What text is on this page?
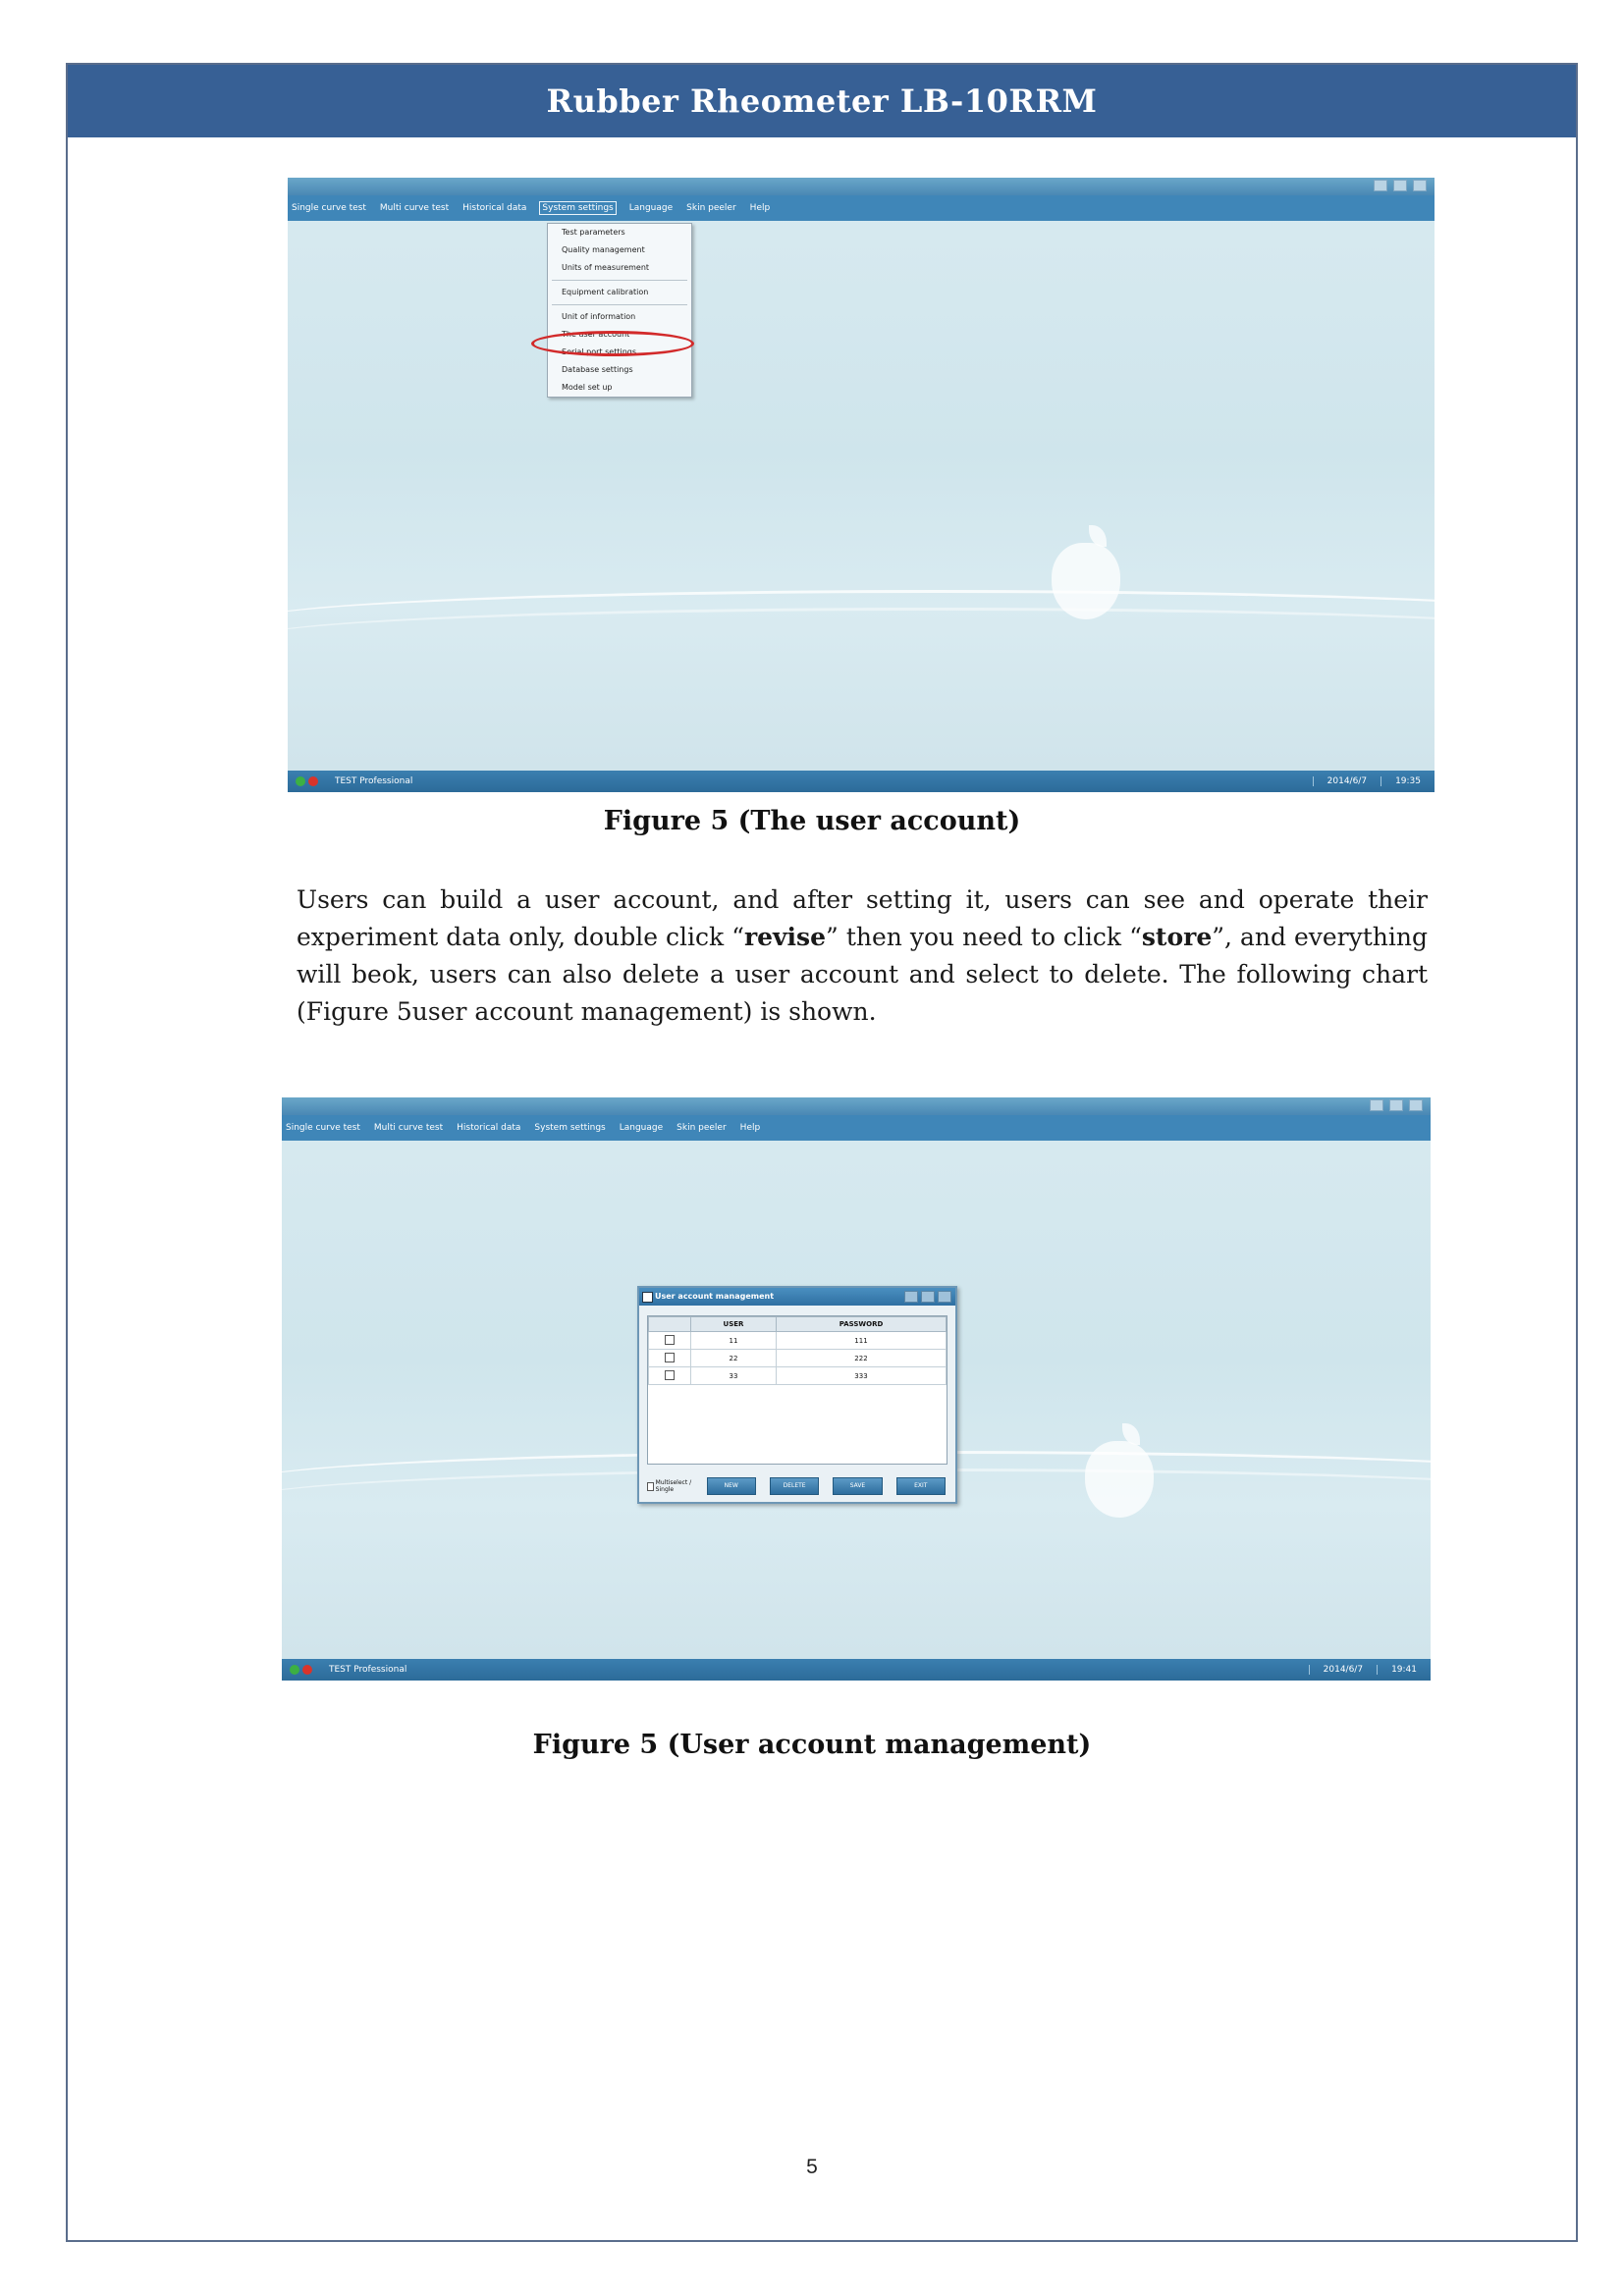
Rubber Rheometer LB-10RRM
Single curve test Multi curve test Historical data System settings Language Skin peeler Help
Test parameters
Quality management
Units of measurement
Equipment calibration
Unit of information
The user account
Serial port settings
Database settings
Model set up
TEST Professional	2014/6/7	19:35
Figure 5 (The user account)
Users can build a user account, and after setting it, users can see and operate their experiment data only, double click “revise” then you need to click “store”, and everything will beok, users can also delete a user account and select to delete. The following chart (Figure 5user account management) is shown.
Single curve test Multi curve test Historical data System settings Language Skin peeler Help
User account management
	USER	PASSWORD
	11	111
	22	222
	33	333
Multiselect / Single
NEW	DELETE	SAVE	EXIT
TEST Professional	2014/6/7	19:41
Figure 5 (User account management)
5
